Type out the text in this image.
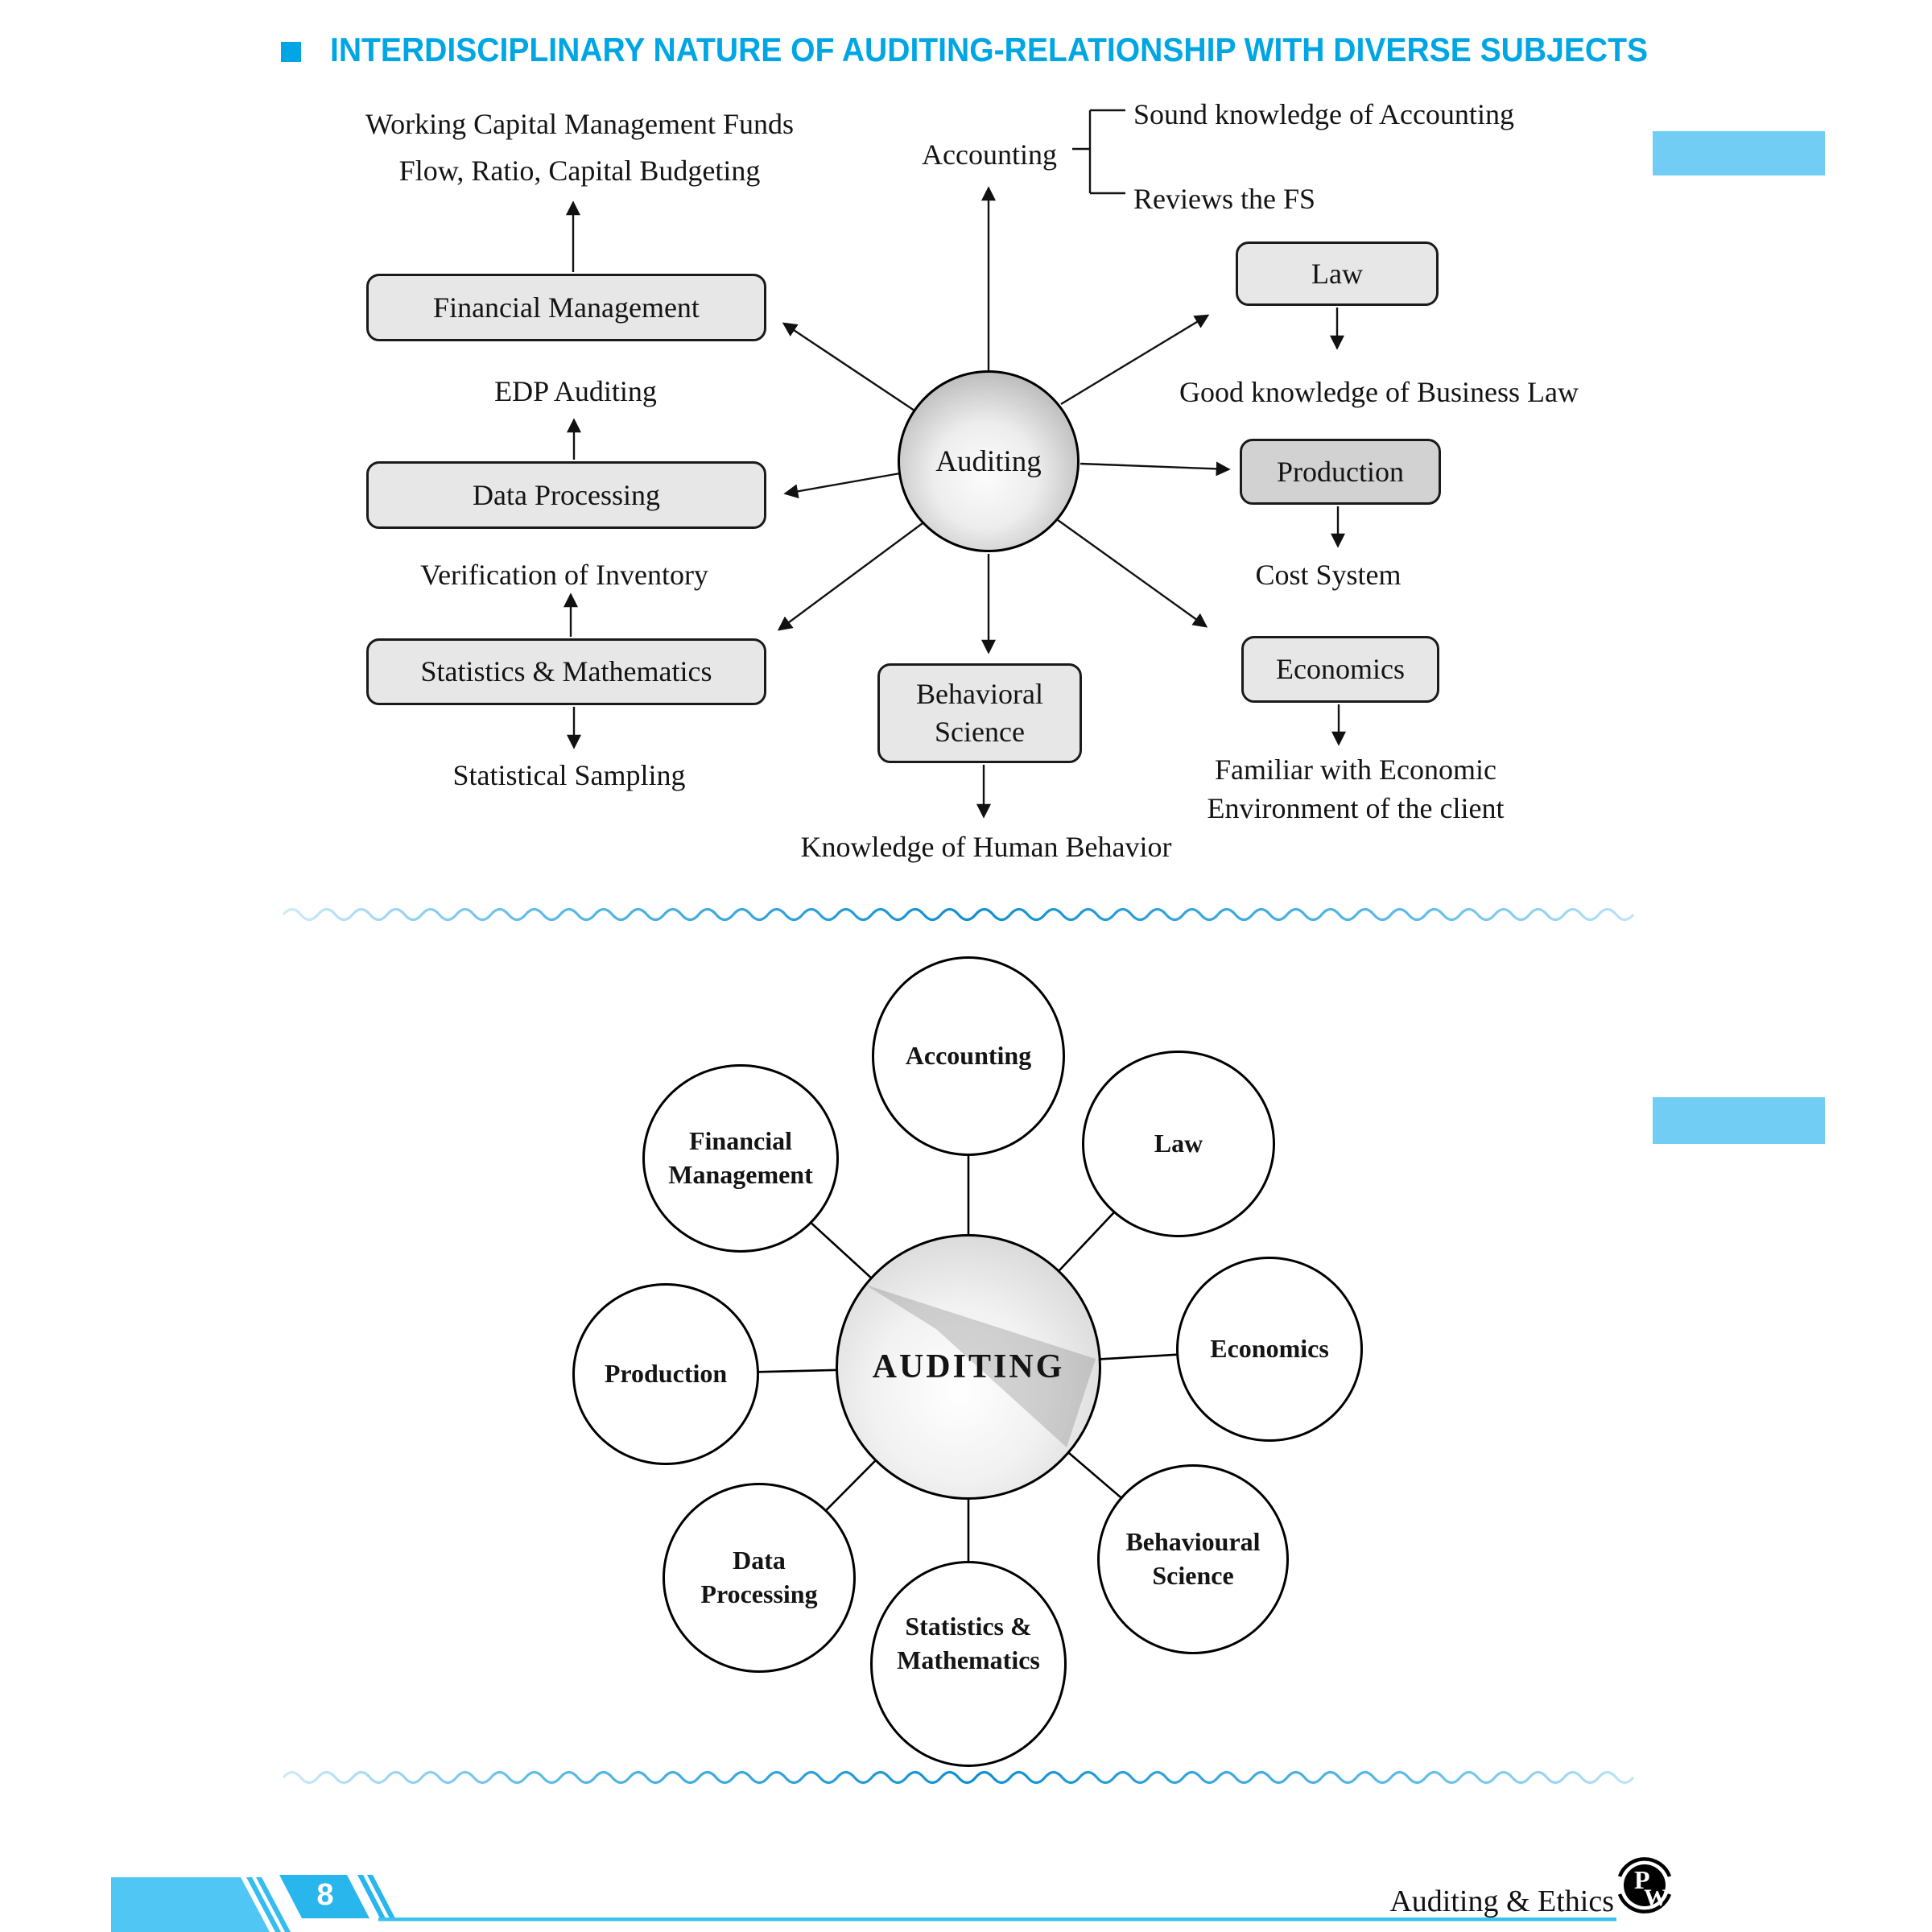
P
W
INTERDISCIPLINARY NATURE OF AUDITING-RELATIONSHIP WITH DIVERSE SUBJECTS
Working Capital Management Funds
Flow, Ratio, Capital Budgeting
Financial Management
EDP Auditing
Data Processing
Verification of Inventory
Statistics & Mathematics
Statistical Sampling
Accounting
Sound knowledge of Accounting
Reviews the FS
Law
Good knowledge of Business Law
Production
Cost System
Economics
Familiar with Economic
Environment of the client
Behavioral Science
Knowledge of Human Behavior
Auditing
Accounting
Law
Economics
Behavioural Science
Statistics & Mathematics
Data Processing
Production
Financial Management
AUDITING
8	Auditing & Ethics
